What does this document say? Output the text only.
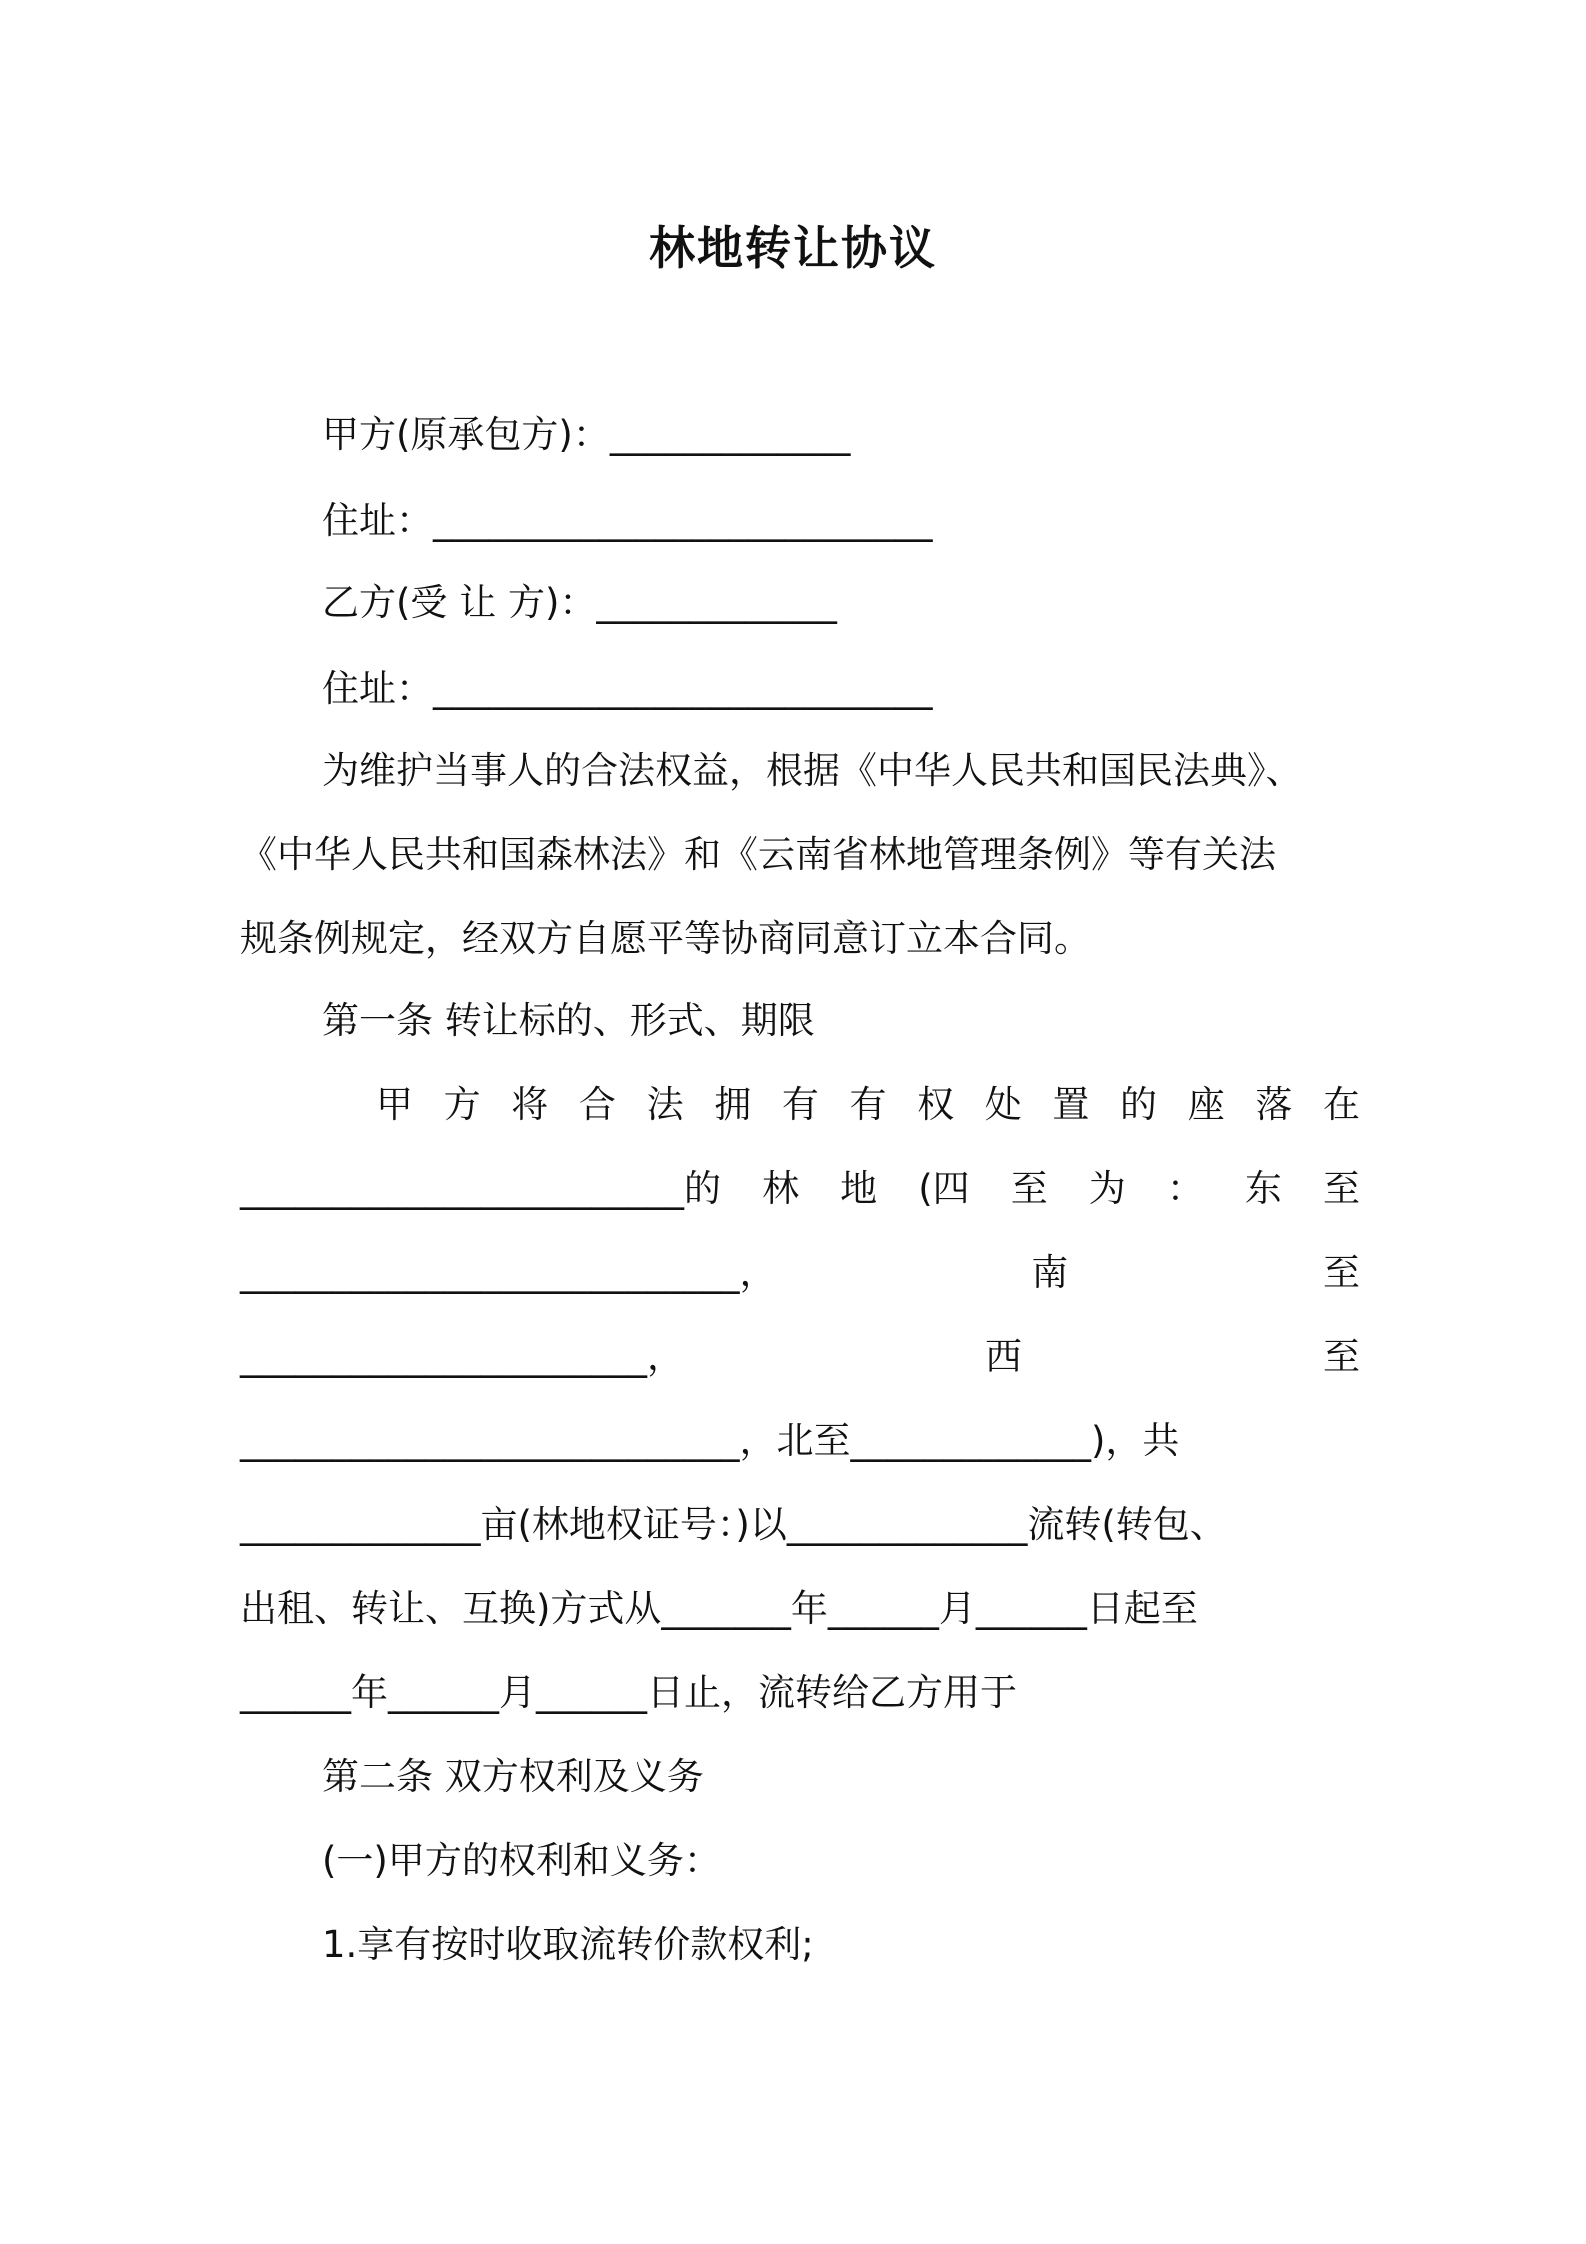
林地转让协议
甲方(原承包方)：_____________
住址：___________________________
乙方(受 让 方)：_____________
住址：___________________________
为维护当事人的合法权益，根据《中华人民共和国民法典》、
《中华人民共和国森林法》和《云南省林地管理条例》等有关法
规条例规定，经双方自愿平等协商同意订立本合同。
第一条 转让标的、形式、期限
甲 方 将 合 法 拥 有 有 权 处 置 的 座 落 在
________________________的 林 地 (四 至 为 ： 东 至
___________________________，	南	至
______________________，	西	至
___________________________，北至_____________)，共
_____________亩(林地权证号：)以_____________流转(转包、
出租、转让、互换)方式从_______年______月______日起至
______年______月______日止，流转给乙方用于
第二条 双方权利及义务
(一)甲方的权利和义务：
1.享有按时收取流转价款权利;
